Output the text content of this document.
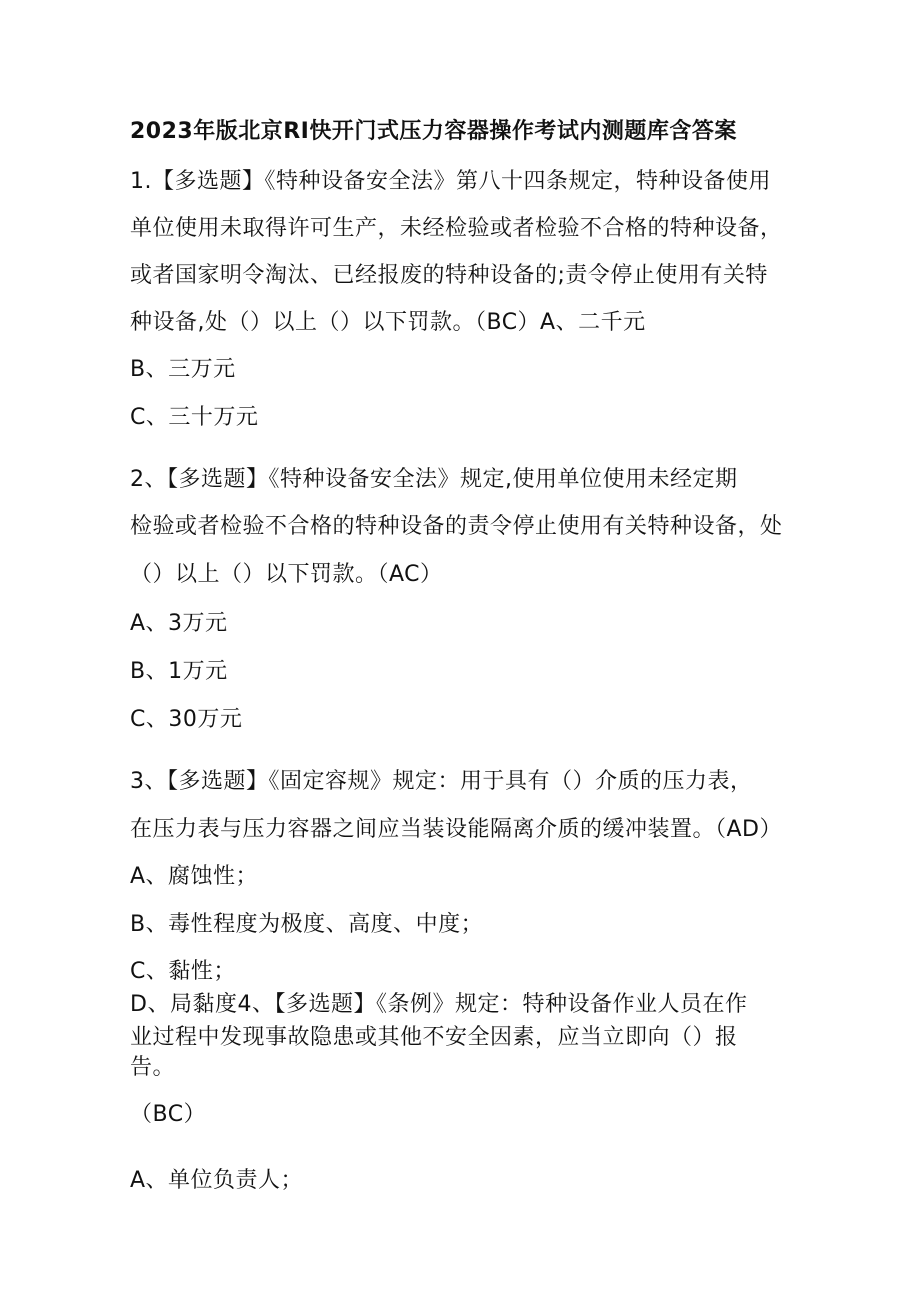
2023年版北京RI快开门式压力容器操作考试内测题库含答案
1.【多选题】《特种设备安全法》第八十四条规定，特种设备使用
单位使用未取得许可生产，未经检验或者检验不合格的特种设备，
或者国家明令淘汰、已经报废的特种设备的;责令停止使用有关特
种设备,处（）以上（）以下罚款。（BC）A、二千元
B、三万元
C、三十万元
2、【多选题】《特种设备安全法》规定,使用单位使用未经定期
检验或者检验不合格的特种设备的责令停止使用有关特种设备，处
（）以上（）以下罚款。（AC）
A、3万元
B、1万元
C、30万元
3、【多选题】《固定容规》规定：用于具有（）介质的压力表，
在压力表与压力容器之间应当装设能隔离介质的缓冲装置。（AD）
A、腐蚀性；
B、毒性程度为极度、高度、中度；
C、黏性；
D、局黏度4、【多选题】《条例》规定：特种设备作业人员在作
业过程中发现事故隐患或其他不安全因素，应当立即向（）报
告。
（BC）
A、单位负责人；
